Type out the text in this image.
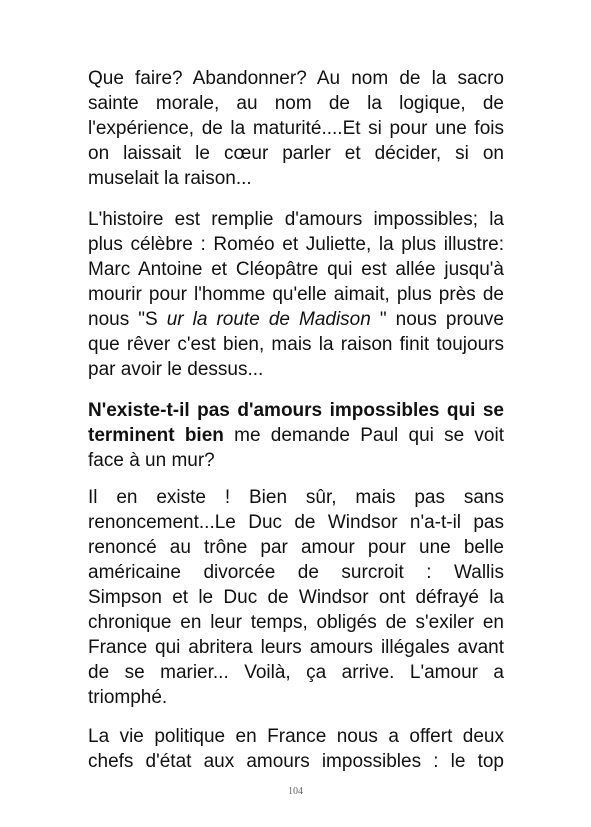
Que faire? Abandonner? Au nom de la sacro
sainte morale, au nom de la logique, de
l'expérience, de la maturité....Et si pour une fois
on laissait le cœur parler et décider, si on
muselait la raison...
L'histoire est remplie d'amours impossibles; la
plus célèbre : Roméo et Juliette, la plus illustre:
Marc Antoine et Cléopâtre qui est allée jusqu'à
mourir pour l'homme qu'elle aimait, plus près de
nous "S ur la route de Madison " nous prouve
que rêver c'est bien, mais la raison finit toujours
par avoir le dessus...
N'existe-t-il pas d'amours impossibles qui se
terminent bien me demande Paul qui se voit
face à un mur?
Il en existe ! Bien sûr, mais pas sans
renoncement...Le Duc de Windsor n'a-t-il pas
renoncé au trône par amour pour une belle
américaine divorcée de surcroit : Wallis
Simpson et le Duc de Windsor ont défrayé la
chronique en leur temps, obligés de s'exiler en
France qui abritera leurs amours illégales avant
de se marier... Voilà, ça arrive. L'amour a
triomphé.
La vie politique en France nous a offert deux
chefs d'état aux amours impossibles : le top
104
